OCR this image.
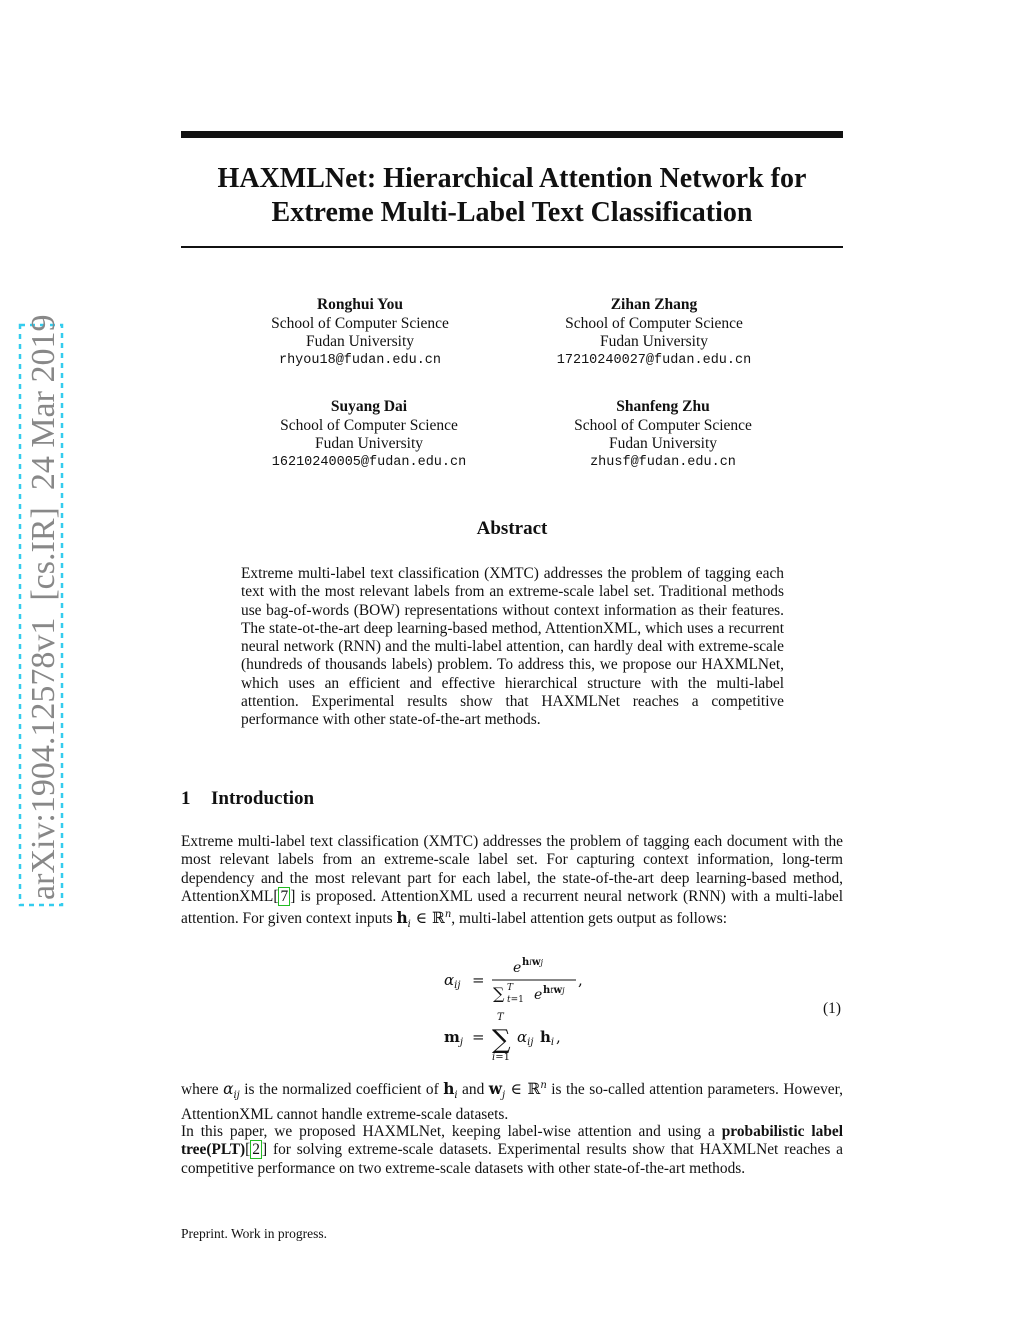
arXiv:1904.12578v1  [cs.IR]  24 Mar 2019
HAXMLNet: Hierarchical Attention Network for
Extreme Multi-Label Text Classification
Ronghui You
School of Computer Science
Fudan University
rhyou18@fudan.edu.cn
Zihan Zhang
School of Computer Science
Fudan University
17210240027@fudan.edu.cn
Suyang Dai
School of Computer Science
Fudan University
16210240005@fudan.edu.cn
Shanfeng Zhu
School of Computer Science
Fudan University
zhusf@fudan.edu.cn
Abstract
Extreme multi-label text classification (XMTC) addresses the problem of tagging each text with the most relevant labels from an extreme-scale label set. Traditional methods use bag-of-words (BOW) representations without context information as their features. The state-ot-the-art deep learning-based method, AttentionXML, which uses a recurrent neural network (RNN) and the multi-label attention, can hardly deal with extreme-scale (hundreds of thousands labels) problem. To address this, we propose our HAXMLNet, which uses an efficient and effective hierarchical structure with the multi-label attention. Experimental results show that HAXMLNet reaches a competitive performance with other state-of-the-art methods.
1 Introduction
Extreme multi-label text classification (XMTC) addresses the problem of tagging each document with the most relevant labels from an extreme-scale label set. For capturing context information, long-term dependency and the most relevant part for each label, the state-of-the-art deep learning-based method, AttentionXML[ 7 ] is proposed. AttentionXML used a recurrent neural network (RNN) with a multi-label attention. For given context inputs $h_i$ ∈ ℝ$^n$, multi-label attention gets output as follows:
$\alpha_{ij}$ =
e hiwj
∑ T
t=1 e htwj
,
$m_j$ = ∑
T
i=1
$\alpha_{ij}$ $h_i$ ,
(1)
where $\alpha_{ij}$ is the normalized coefficient of $h_i$ and $w_j$ ∈ ℝ$^n$ is the so-called attention parameters. However, AttentionXML cannot handle extreme-scale datasets.
In this paper, we proposed HAXMLNet, keeping label-wise attention and using a probabilistic label tree(PLT)[ 2 ] for solving extreme-scale datasets. Experimental results show that HAXMLNet reaches a competitive performance on two extreme-scale datasets with other state-of-the-art methods.
Preprint. Work in progress.
